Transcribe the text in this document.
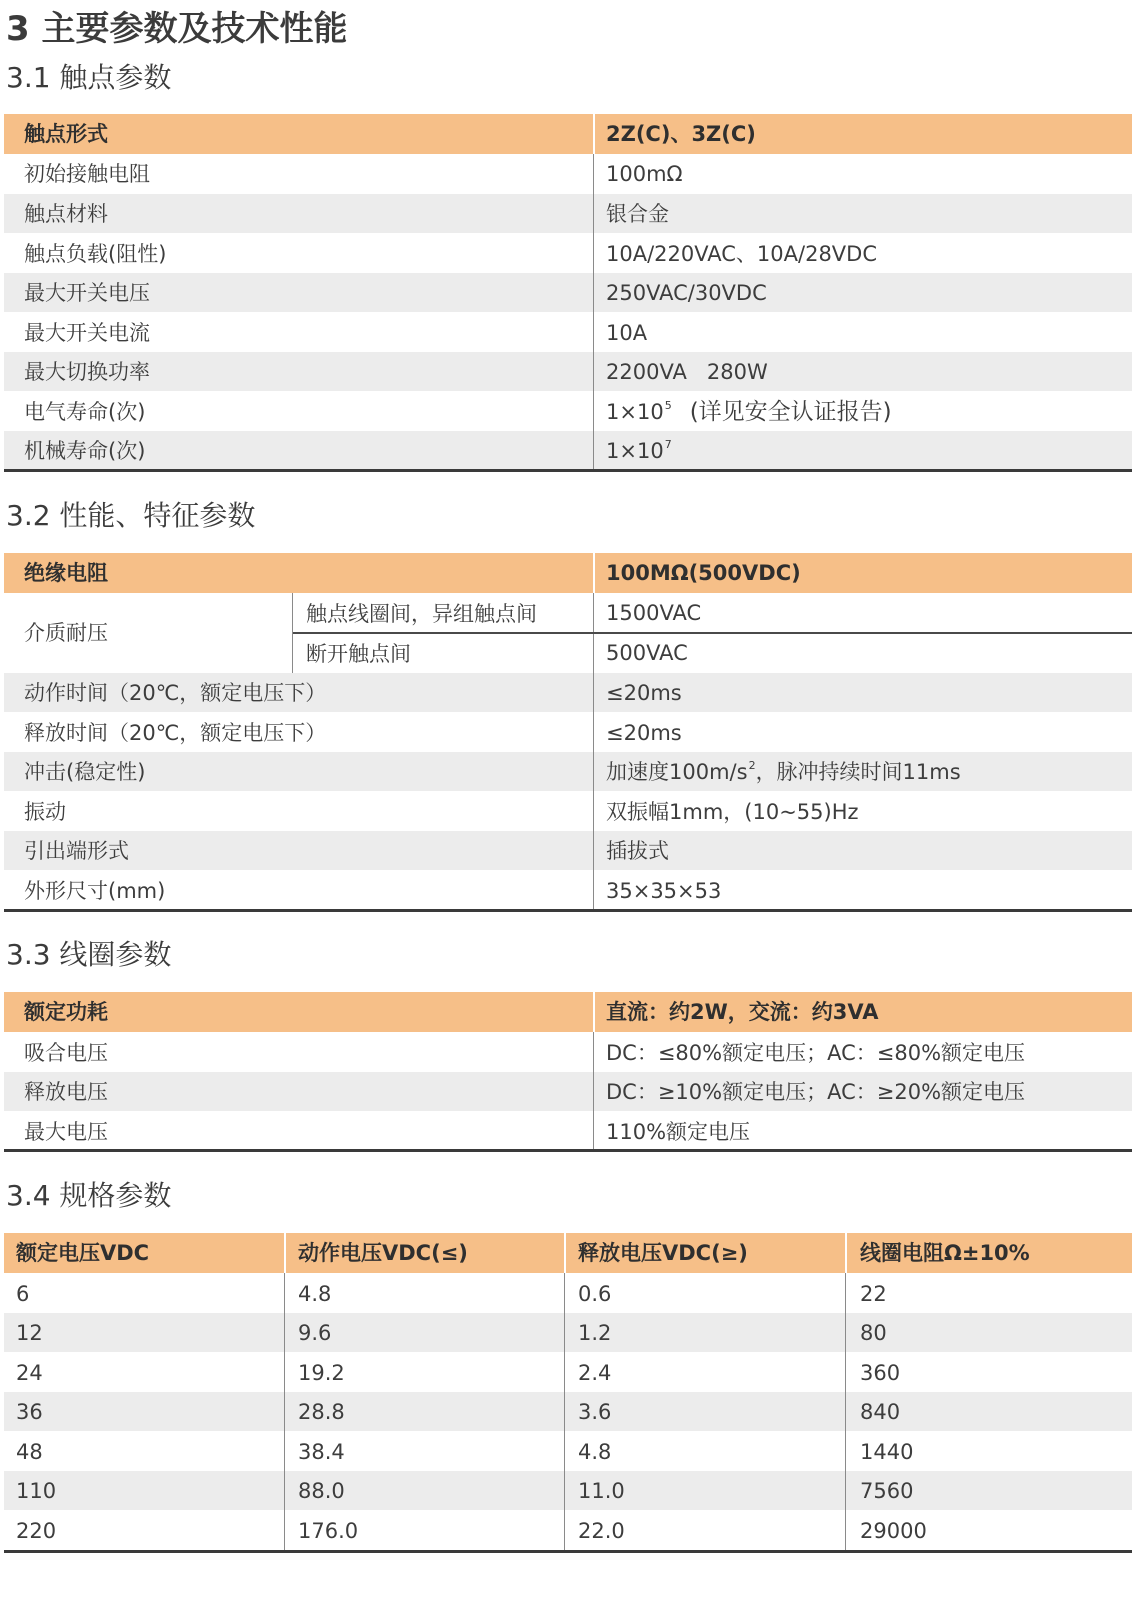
3 主要参数及技术性能
3.1 触点参数
触点形式	2Z(C)、3Z(C)
初始接触电阻	100mΩ
触点材料	银合金
触点负载(阻性)	10A/220VAC、10A/28VDC
最大开关电压	250VAC/30VDC
最大开关电流	10A
最大切换功率	2200VA   280W
电气寿命(次)	$1\times 10^5$ (详见安全认证报告)
机械寿命(次)	$1\times 10^7$
3.2 性能、特征参数
绝缘电阻	100MΩ(500VDC)
介质耐压
触点线圈间，异组触点间	1500VAC
断开触点间	500VAC
动作时间（20℃，额定电压下）	≤20ms
释放时间（20℃，额定电压下）	≤20ms
冲击(稳定性)	加速度$100m/s^2$，脉冲持续时间11ms
振动	双振幅1mm，(10~55)Hz
引出端形式	插拔式
外形尺寸(mm)	35×35×53
3.3 线圈参数
额定功耗	直流：约2W，交流：约3VA
吸合电压	DC：≤80%额定电压；AC：≤80%额定电压
释放电压	DC：≥10%额定电压；AC：≥20%额定电压
最大电压	110%额定电压
3.4 规格参数
额定电压VDC	动作电压VDC(≤)	释放电压VDC(≥)	线圈电阻Ω±10%
6	4.8	0.6	22
12	9.6	1.2	80
24	19.2	2.4	360
36	28.8	3.6	840
48	38.4	4.8	1440
110	88.0	11.0	7560
220	176.0	22.0	29000
